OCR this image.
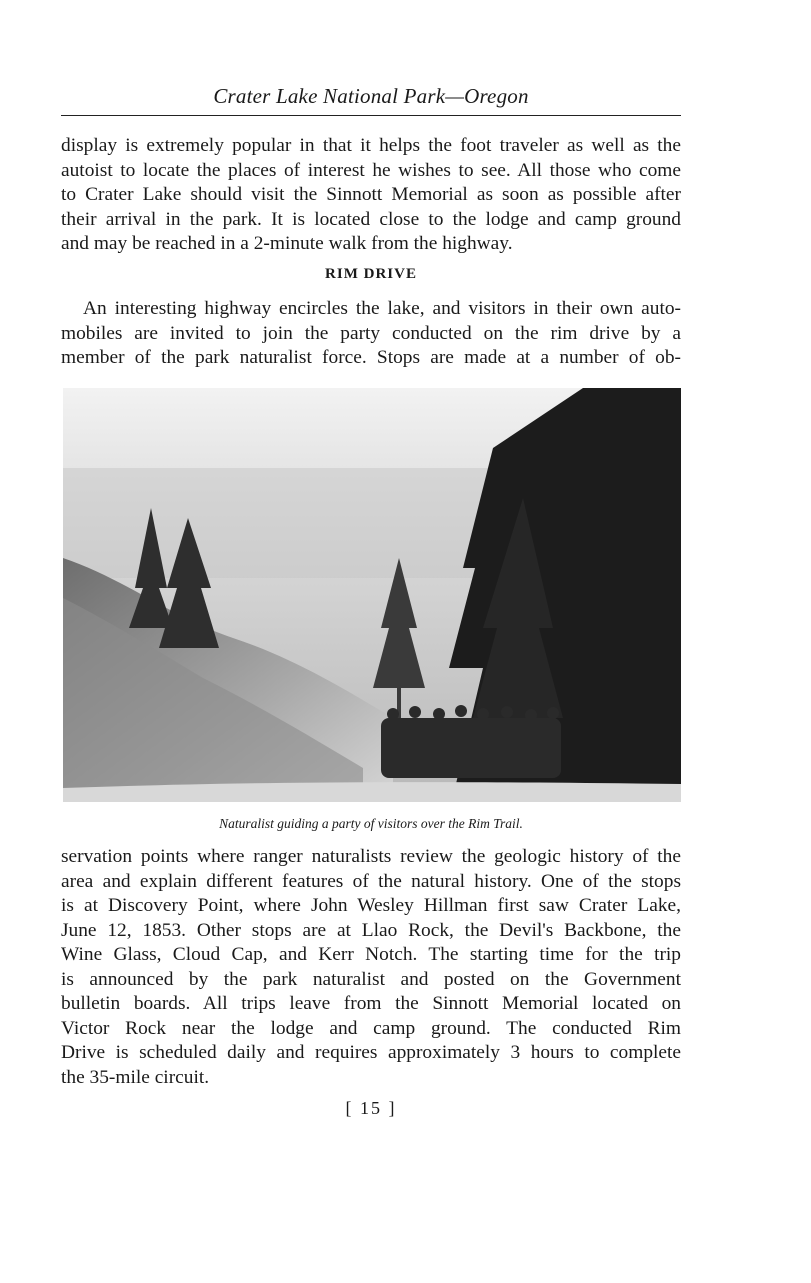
Crater Lake National Park—Oregon

display is extremely popular in that it helps the foot traveler as well as the
autoist to locate the places of interest he wishes to see. All those who come
to Crater Lake should visit the Sinnott Memorial as soon as possible after
their arrival in the park. It is located close to the lodge and camp ground
and may be reached in a 2-minute walk from the highway.

RIM DRIVE

An interesting highway encircles the lake, and visitors in their own auto-
mobiles are invited to join the party conducted on the rim drive by a
member of the park naturalist force. Stops are made at a number of ob-

Naturalist guiding a party of visitors over the Rim Trail.

servation points where ranger naturalists review the geologic history of the
area and explain different features of the natural history. One of the stops
is at Discovery Point, where John Wesley Hillman first saw Crater Lake,
June 12, 1853. Other stops are at Llao Rock, the Devil's Backbone, the
Wine Glass, Cloud Cap, and Kerr Notch. The starting time for the trip
is announced by the park naturalist and posted on the Government
bulletin boards. All trips leave from the Sinnott Memorial located on
Victor Rock near the lodge and camp ground. The conducted Rim
Drive is scheduled daily and requires approximately 3 hours to complete
the 35-mile circuit.

[ 15 ]
